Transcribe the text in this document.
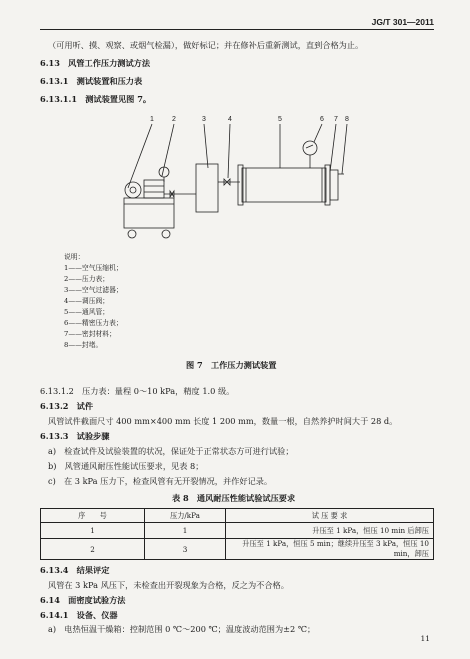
JG/T 301—2011
（可用听、摸、观察、或烟气检漏），做好标记；并在修补后重新测试，直到合格为止。
6.13　风管工作压力测试方法
6.13.1　测试装置和压力表
6.13.1.1　测试装置见图 7。
1	2	3	4	5	6 7 8
说明：
1——空气压缩机；
2——压力表；
3——空气过滤器；
4——调压阀；
5——通风管；
6——精密压力表；
7——密封材料；
8——封堵。
图 7　工作压力测试装置
6.13.1.2　压力表：量程 0～10 kPa，精度 1.0 级。
6.13.2　试件
风管试件截面尺寸 400 mm×400 mm 长度 1 200 mm，数量一根，自然养护时间大于 28 d。
6.13.3　试验步骤
a)　检查试件及试验装置的状况，保证处于正常状态方可进行试验；
b)　风管通风耐压性能试压要求，见表 8；
c)　在 3 kPa 压力下，检查风管有无开裂情况，并作好记录。
表 8　通风耐压性能试验试压要求
序　　号	压力/kPa	试 压 要 求
1	1	升压至 1 kPa，恒压 10 min 后卸压
2	3	升压至 1 kPa，恒压 5 min；继续升压至 3 kPa，恒压 10 min，卸压
6.13.4　结果评定
风管在 3 kPa 风压下，未检查出开裂现象为合格，反之为不合格。
6.14　面密度试验方法
6.14.1　设备、仪器
a)　电热恒温干燥箱：控制范围 0 ℃～200 ℃；温度波动范围为±2 ℃；
11
